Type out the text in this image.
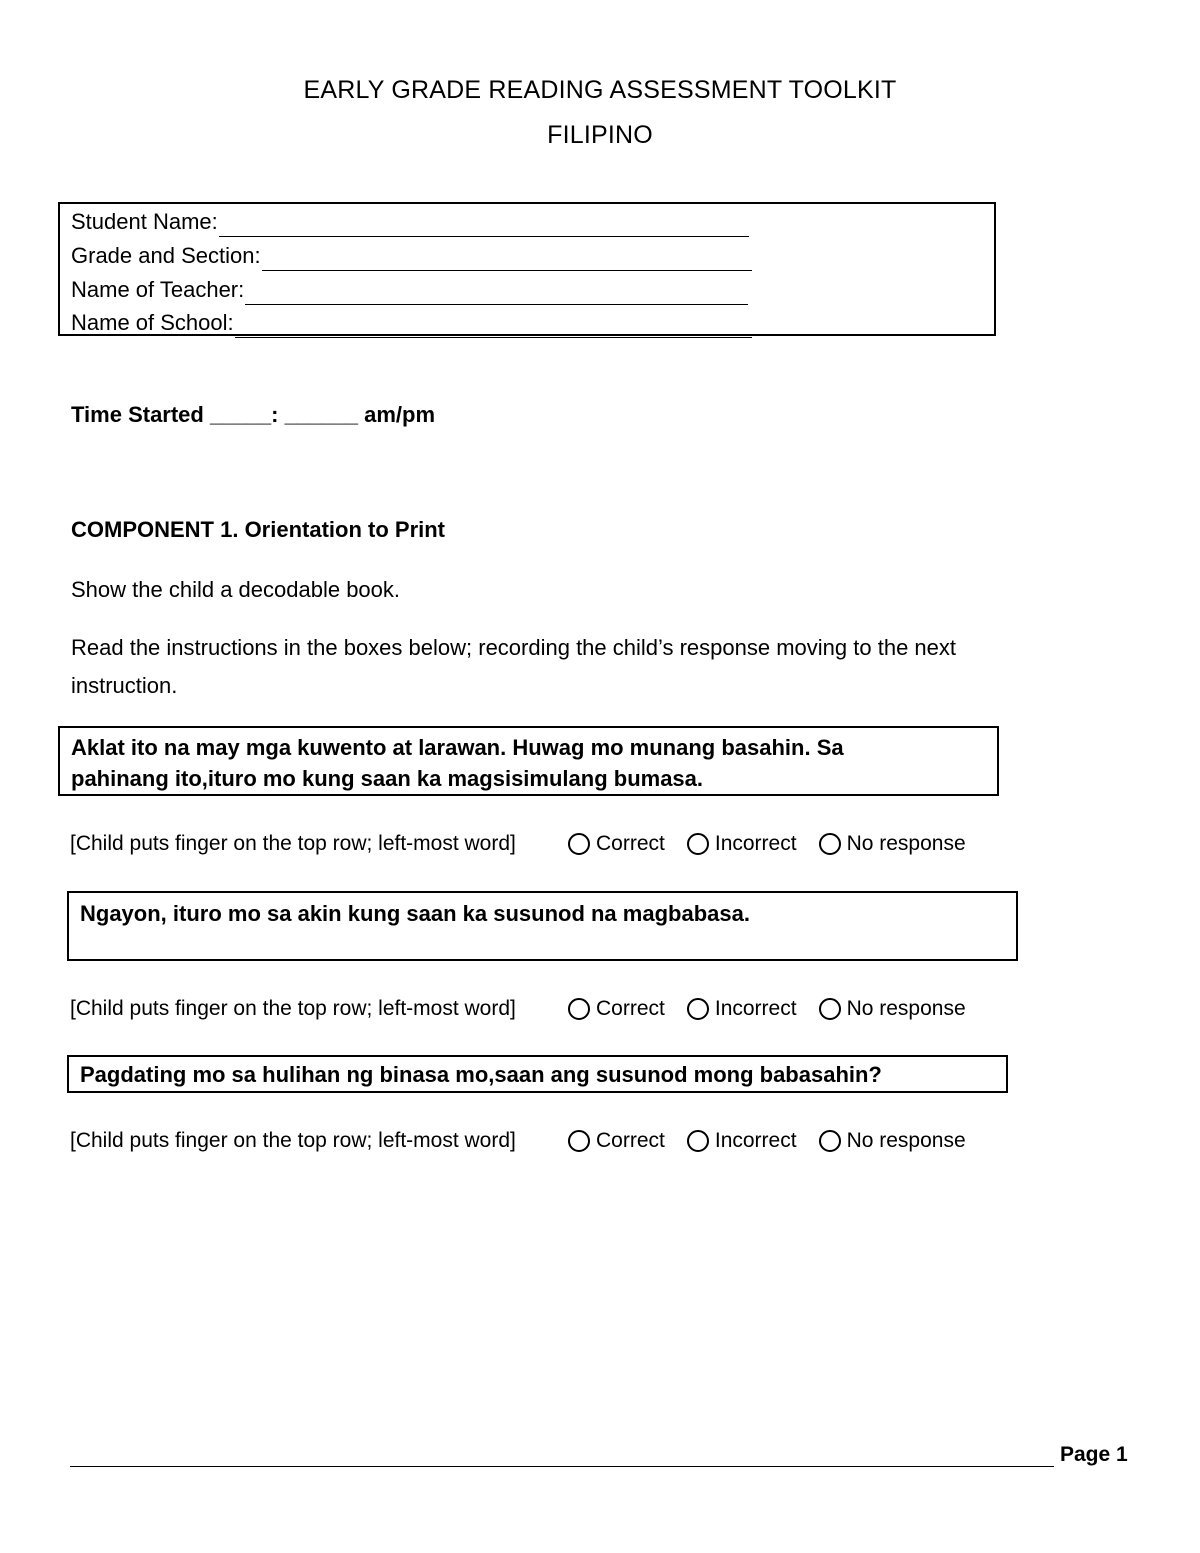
EARLY GRADE READING ASSESSMENT TOOLKIT
FILIPINO
Student Name:
Grade and Section:
Name of Teacher:
Name of School:
Time Started _____: ______ am/pm
COMPONENT 1. Orientation to Print
Show the child a decodable book.
Read the instructions in the boxes below; recording the child’s response moving to the next
instruction.
Aklat ito na may mga kuwento at larawan. Huwag mo munang basahin. Sa
pahinang ito,ituro mo kung saan ka magsisimulang bumasa.
[Child puts finger on the top row; left-most word]	Correct Incorrect No response
Ngayon, ituro mo sa akin kung saan ka susunod na magbabasa.
[Child puts finger on the top row; left-most word]	Correct Incorrect No response
Pagdating mo sa hulihan ng binasa mo,saan ang susunod mong babasahin?
[Child puts finger on the top row; left-most word]	Correct Incorrect No response
Page 1
